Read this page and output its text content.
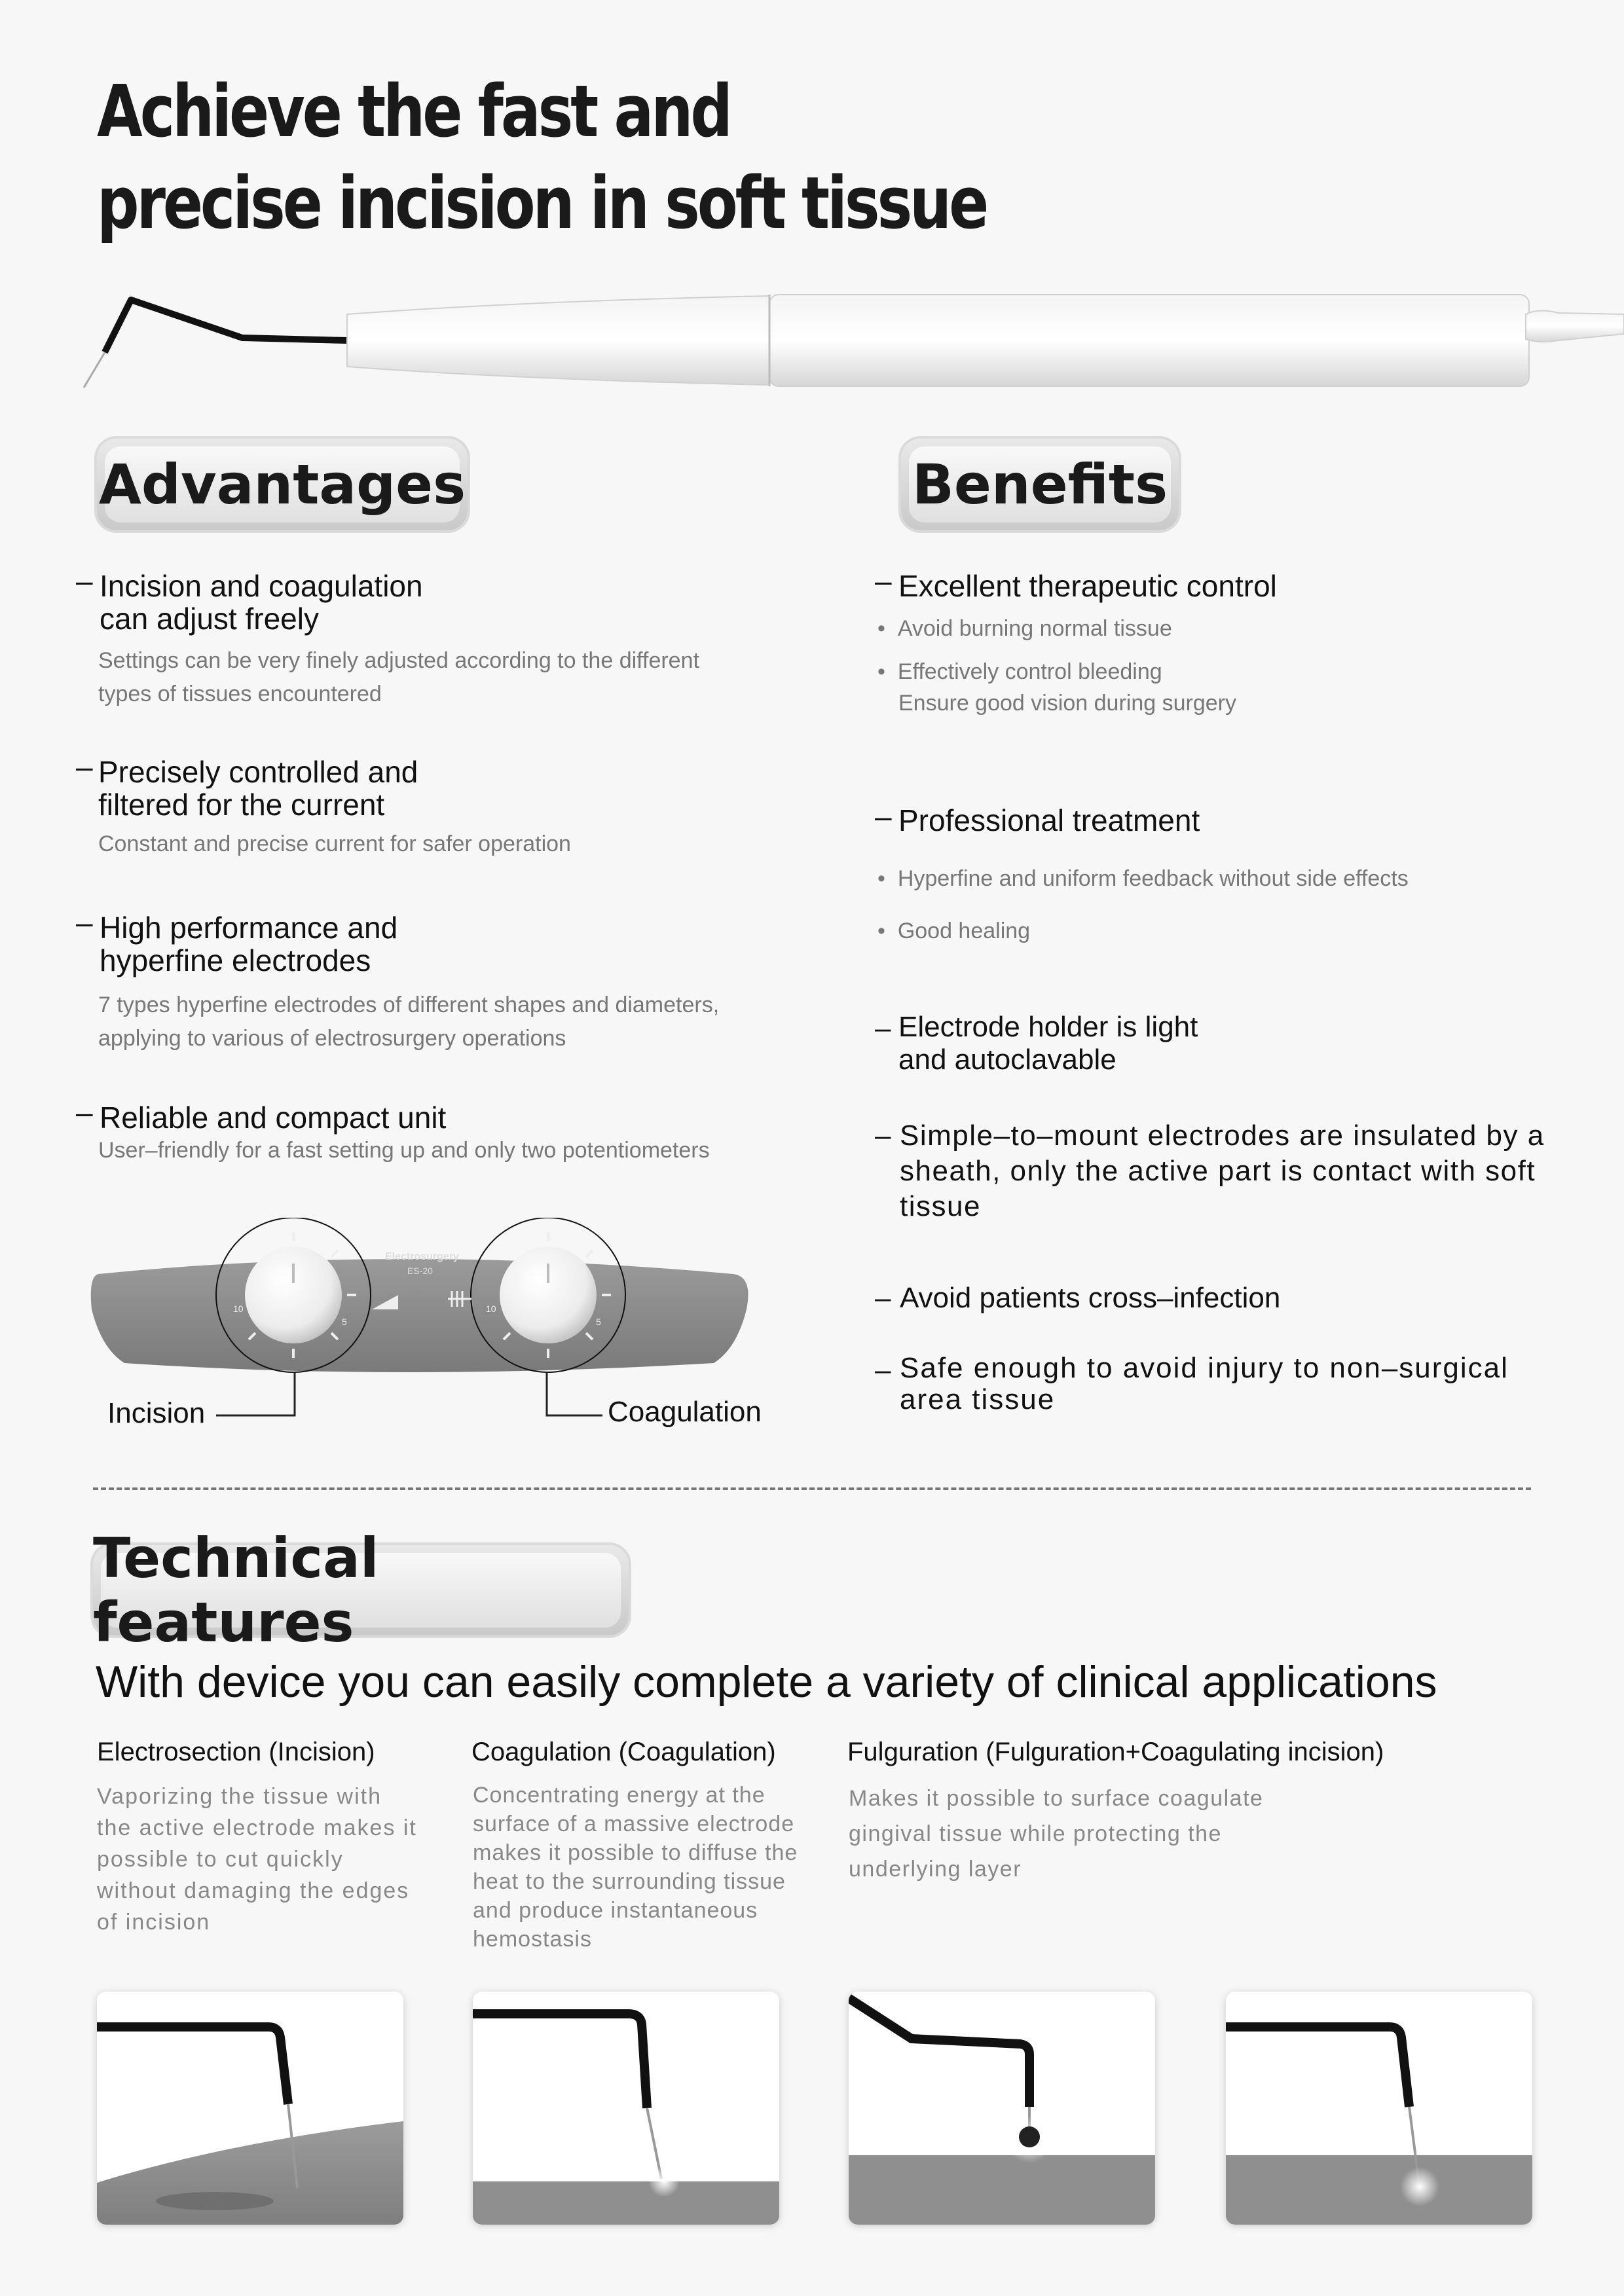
Achieve the fast and
precise incision in soft tissue
Advantages	Benefits
– Incision and coagulation
can adjust freely
Settings can be very finely adjusted according to the different
types of tissues encountered
– Precisely controlled and
filtered for the current
Constant and precise current for safer operation
– High performance and
hyperfine electrodes
7 types hyperfine electrodes of different shapes and diameters,
applying to various of electrosurgery operations
– Reliable and compact unit
User–friendly for a fast setting up and only two potentiometers
1
10
5
1
10
5
Electrosurgery
ES-20
Incision	Coagulation
– Excellent therapeutic control
• Avoid burning normal tissue
• Effectively control bleeding
Ensure good vision during surgery
– Professional treatment
• Hyperfine and uniform feedback without side effects
• Good healing
– Electrode holder is light
and autoclavable
– Simple–to–mount electrodes are insulated by a
sheath, only the active part is contact with soft
tissue
– Avoid patients cross–infection
– Safe enough to avoid injury to non–surgical
area tissue
Technical features
With device you can easily complete a variety of clinical applications
Electrosection (Incision)
Vaporizing the tissue with
the active electrode makes it
possible to cut quickly
without damaging the edges
of incision
Coagulation (Coagulation)
Concentrating energy at the
surface of a massive electrode
makes it possible to diffuse the
heat to the surrounding tissue
and produce instantaneous
hemostasis
Fulguration (Fulguration+Coagulating incision)
Makes it possible to surface coagulate
gingival tissue while protecting the
underlying layer
